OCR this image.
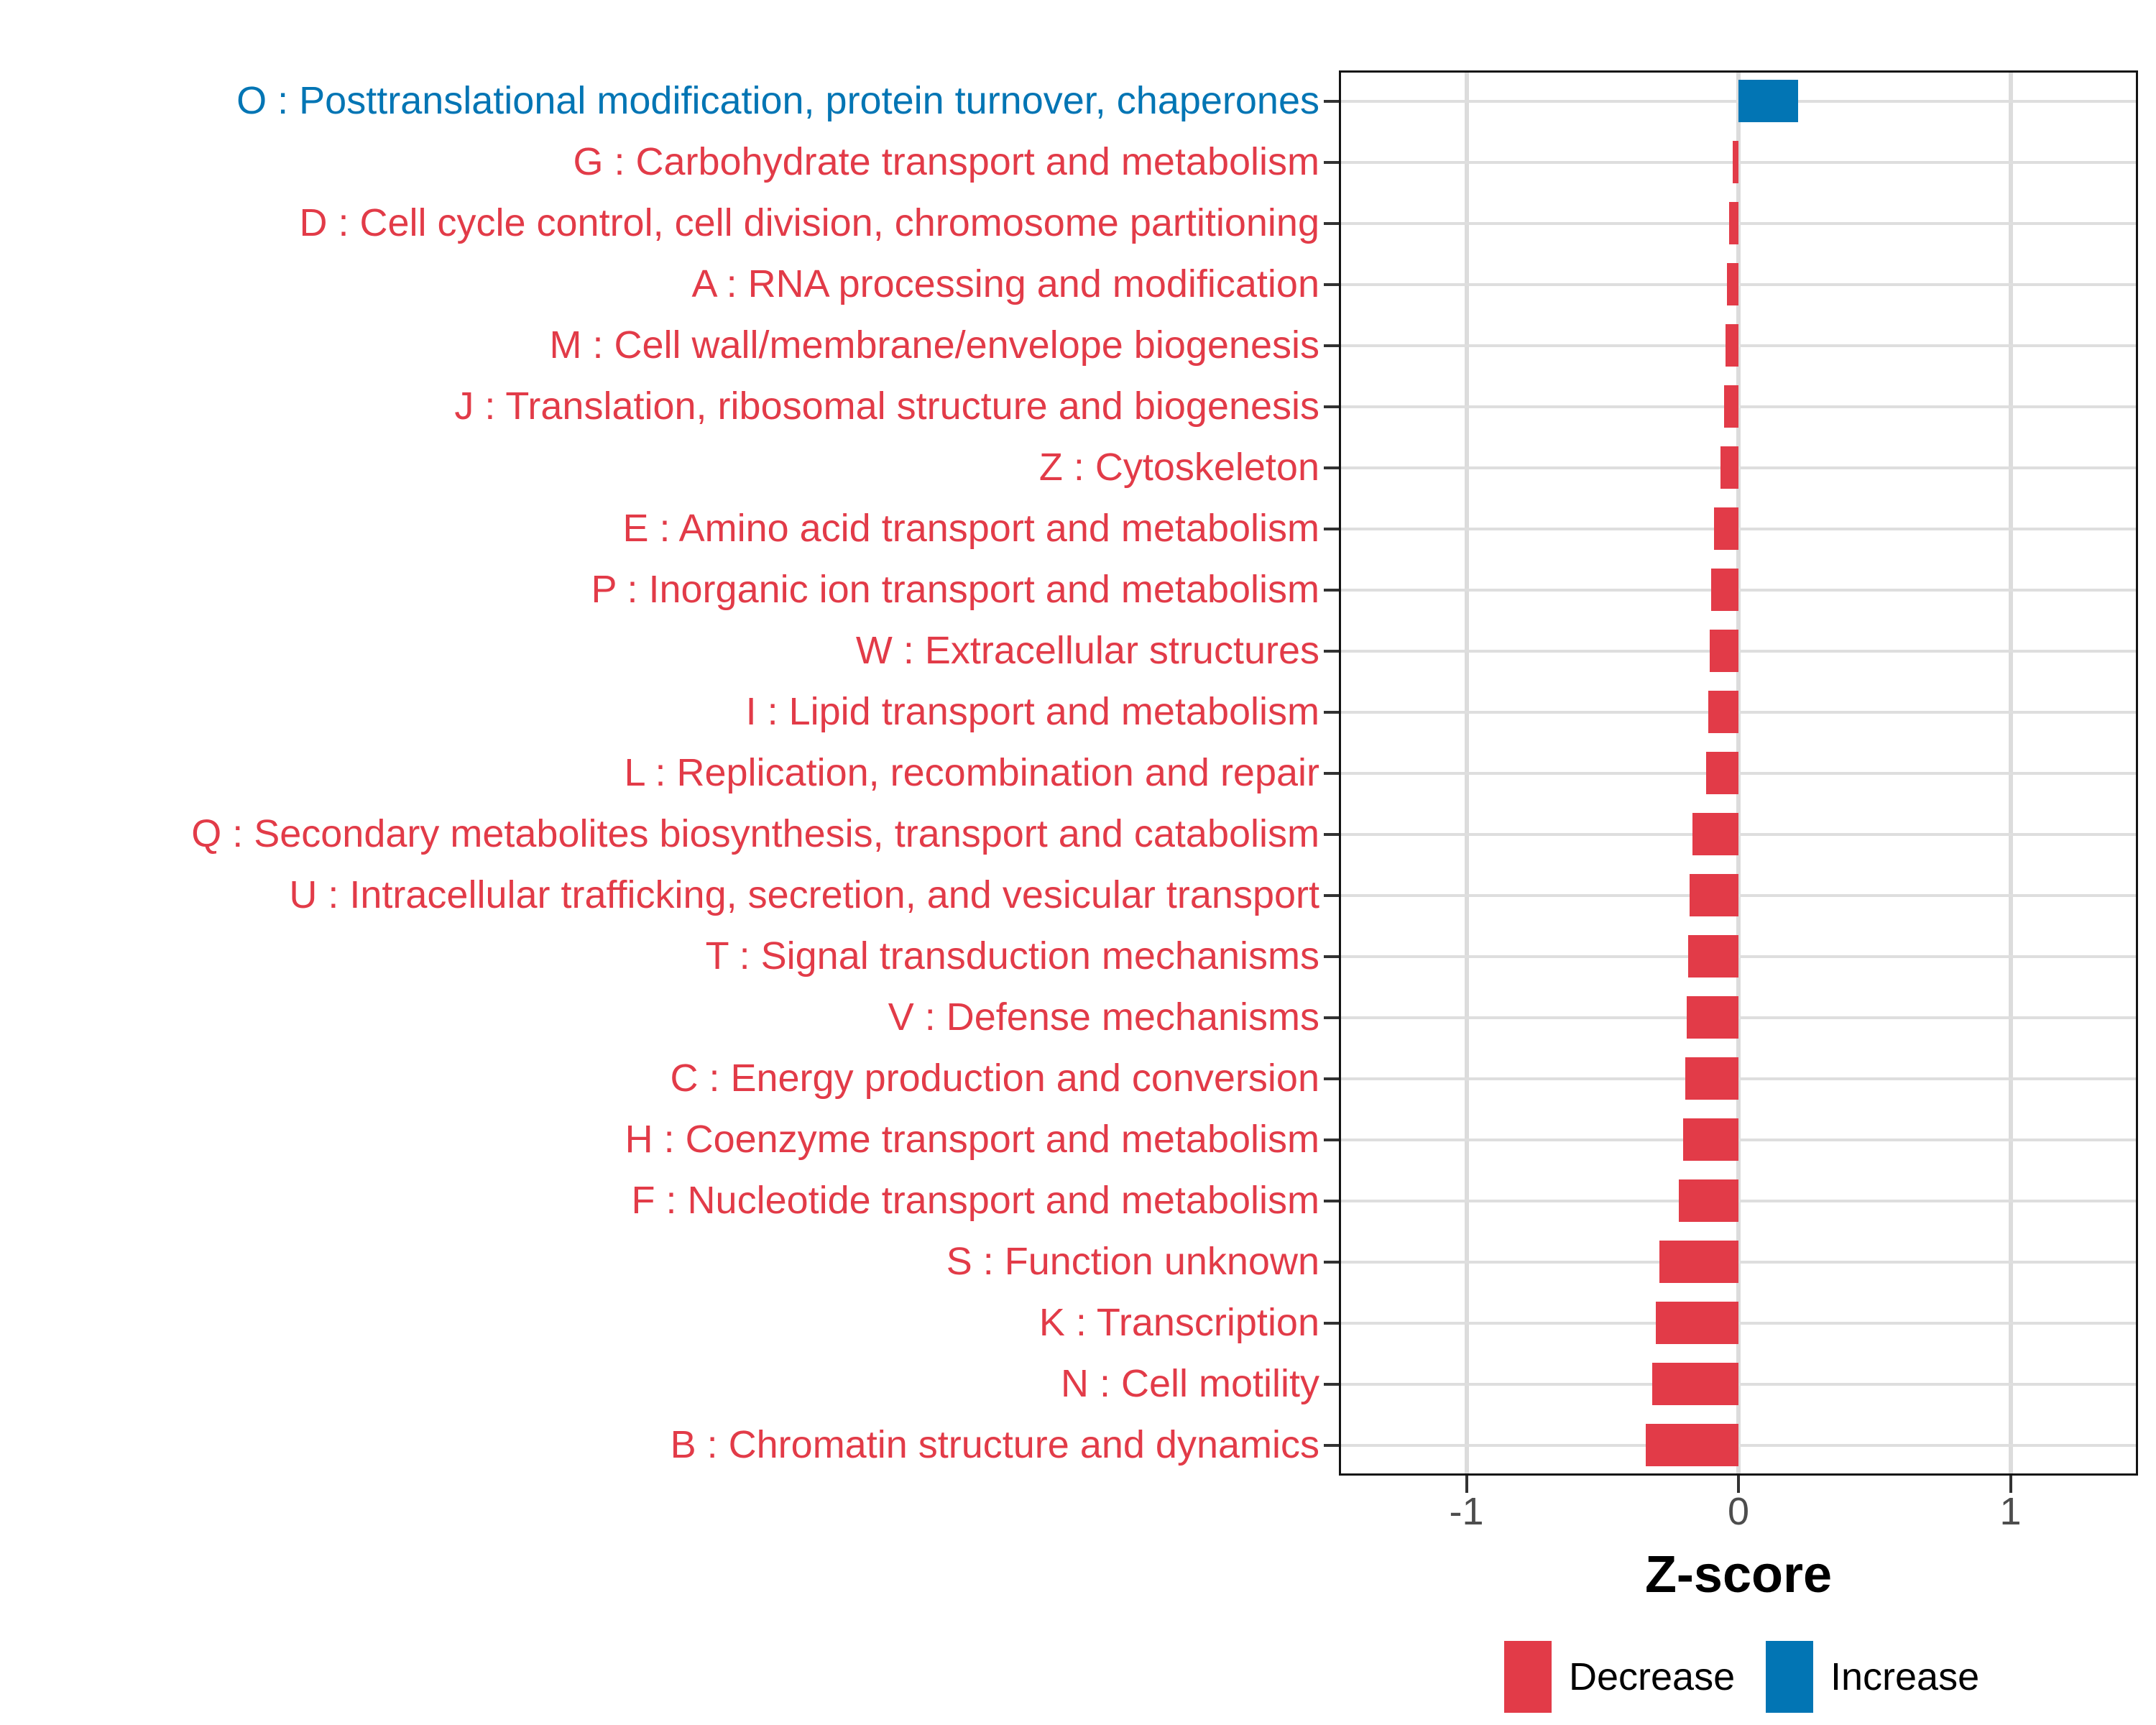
Z-score
-1	0	1
O : Posttranslational modification, protein turnover, chaperones
G : Carbohydrate transport and metabolism
D : Cell cycle control, cell division, chromosome partitioning
A : RNA processing and modification
M : Cell wall/membrane/envelope biogenesis
J : Translation, ribosomal structure and biogenesis
Z : Cytoskeleton
E : Amino acid transport and metabolism
P : Inorganic ion transport and metabolism
W : Extracellular structures
I : Lipid transport and metabolism
L : Replication, recombination and repair
Q : Secondary metabolites biosynthesis, transport and catabolism
U : Intracellular trafficking, secretion, and vesicular transport
T : Signal transduction mechanisms
V : Defense mechanisms
C : Energy production and conversion
H : Coenzyme transport and metabolism
F : Nucleotide transport and metabolism
S : Function unknown
K : Transcription
N : Cell motility
B : Chromatin structure and dynamics
Decrease Increase
